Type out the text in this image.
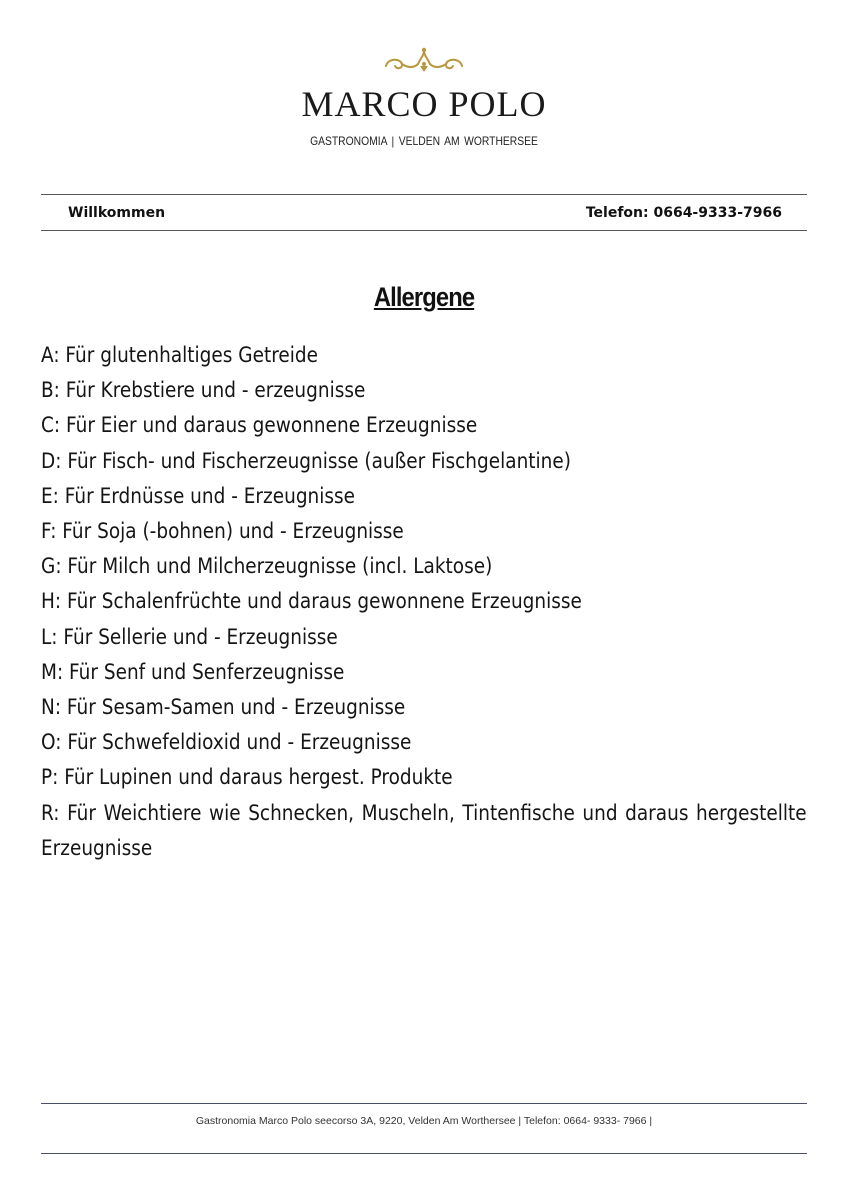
MARCO POLO
GASTRONOMIA | VELDEN AM WORTHERSEE
Willkommen	Telefon: 0664-9333-7966
Allergene
A: Für glutenhaltiges Getreide
B: Für Krebstiere und - erzeugnisse
C: Für Eier und daraus gewonnene Erzeugnisse
D: Für Fisch- und Fischerzeugnisse (außer Fischgelantine)
E: Für Erdnüsse und - Erzeugnisse
F: Für Soja (-bohnen) und - Erzeugnisse
G: Für Milch und Milcherzeugnisse (incl. Laktose)
H: Für Schalenfrüchte und daraus gewonnene Erzeugnisse
L: Für Sellerie und - Erzeugnisse
M: Für Senf und Senferzeugnisse
N: Für Sesam-Samen und - Erzeugnisse
O: Für Schwefeldioxid und - Erzeugnisse
P: Für Lupinen und daraus hergest. Produkte
R: Für Weichtiere wie Schnecken, Muscheln, Tintenfische und daraus hergestellte Erzeugnisse
Gastronomia Marco Polo seecorso 3A, 9220, Velden Am Worthersee | Telefon: 0664- 9333- 7966 |
